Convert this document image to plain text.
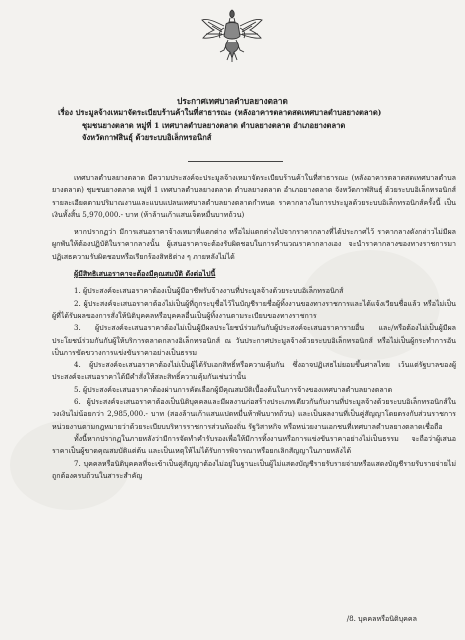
ประกาศเทศบาลตำบลยางตลาด
เรื่อง ประมูลจ้างเหมาจัดระเบียบร้านค้าในที่สาธารณะ (หลังอาคารตลาดสดเทศบาลตำบลยางตลาด)
ชุมชนยางตลาด หมู่ที่ 1 เทศบาลตำบลยางตลาด ตำบลยางตลาด อำเภอยางตลาด
จังหวัดกาฬสินธุ์ ด้วยระบบอิเล็กทรอนิกส์

เทศบาลตำบลยางตลาด มีความประสงค์จะประมูลจ้างเหมาจัดระเบียบร้านค้าในที่สาธารณะ (หลังอาคารตลาดสดเทศบาลตำบลยางตลาด) ชุมชนยางตลาด หมู่ที่ 1 เทศบาลตำบลยางตลาด ตำบลยางตลาด อำเภอยางตลาด จังหวัดกาฬสินธุ์ ด้วยระบบอิเล็กทรอนิกส์ รายละเอียดตามปริมาณงานและแบบแปลนเทศบาลตำบลยางตลาดกำหนด ราคากลางในการประมูลด้วยระบบอิเล็กทรอนิกส์ครั้งนี้ เป็นเงินทั้งสิ้น 5,970,000.- บาท (ห้าล้านเก้าแสนเจ็ดหมื่นบาทถ้วน)

หากปรากฏว่า มีการเสนอราคาจ้างเหมาที่แตกต่าง หรือไม่แตกต่างไปจากราคากลางที่ได้ประกาศไว้ ราคากลางดังกล่าวไม่มีผลผูกพันให้ต้องปฏิบัติในราคากลางนั้น ผู้เสนอราคาจะต้องรับผิดชอบในการคำนวณราคากลางเอง จะนำราคากลางของทางราชการมาปฏิเสธความรับผิดชอบหรือเรียกร้องสิทธิต่าง ๆ ภายหลังไม่ได้

ผู้มีสิทธิเสนอราคาจะต้องมีคุณสมบัติ ดังต่อไปนี้

1. ผู้ประสงค์จะเสนอราคาต้องเป็นผู้มีอาชีพรับจ้างงานที่ประมูลจ้างด้วยระบบอิเล็กทรอนิกส์

2. ผู้ประสงค์จะเสนอราคาต้องไม่เป็นผู้ที่ถูกระบุชื่อไว้ในบัญชีรายชื่อผู้ทิ้งงานของทางราชการและได้แจ้งเวียนชื่อแล้ว หรือไม่เป็นผู้ที่ได้รับผลของการสั่งให้นิติบุคคลหรือบุคคลอื่นเป็นผู้ทิ้งงานตามระเบียบของทางราชการ

3. ผู้ประสงค์จะเสนอราคาต้องไม่เป็นผู้มีผลประโยชน์ร่วมกันกับผู้ประสงค์จะเสนอราคารายอื่น และ/หรือต้องไม่เป็นผู้มีผลประโยชน์ร่วมกันกับผู้ให้บริการตลาดกลางอิเล็กทรอนิกส์ ณ วันประกาศประมูลจ้างด้วยระบบอิเล็กทรอนิกส์ หรือไม่เป็นผู้กระทำการอันเป็นการขัดขวางการแข่งขันราคาอย่างเป็นธรรม

4. ผู้ประสงค์จะเสนอราคาต้องไม่เป็นผู้ได้รับเอกสิทธิ์หรือความคุ้มกัน ซึ่งอาจปฏิเสธไม่ยอมขึ้นศาลไทย เว้นแต่รัฐบาลของผู้ประสงค์จะเสนอราคาได้มีคำสั่งให้สละสิทธิ์ความคุ้มกันเช่นว่านั้น

5. ผู้ประสงค์จะเสนอราคาต้องผ่านการคัดเลือกผู้มีคุณสมบัติเบื้องต้นในการจ้างของเทศบาลตำบลยางตลาด

6. ผู้ประสงค์จะเสนอราคาต้องเป็นนิติบุคคลและมีผลงานก่อสร้างประเภทเดียวกันกับงานที่ประมูลจ้างด้วยระบบอิเล็กทรอนิกส์ในวงเงินไม่น้อยกว่า 2,985,000.- บาท (สองล้านเก้าแสนแปดหมื่นห้าพันบาทถ้วน) และเป็นผลงานที่เป็นคู่สัญญาโดยตรงกับส่วนราชการ หน่วยงานตามกฎหมายว่าด้วยระเบียบบริหารราชการส่วนท้องถิ่น รัฐวิสาหกิจ หรือหน่วยงานเอกชนที่เทศบาลตำบลยางตลาดเชื่อถือ

ทั้งนี้หากปรากฏในภายหลังว่ามีการจัดทำคำรับรองเพื่อให้มีการทิ้งงานหรือการแข่งขันราคาอย่างไม่เป็นธรรม จะถือว่าผู้เสนอราคาเป็นผู้ขาดคุณสมบัติแต่ต้น และเป็นเหตุให้ไม่ได้รับการพิจารณาหรือยกเลิกสัญญาในภายหลังได้

7. บุคคลหรือนิติบุคคลที่จะเข้าเป็นคู่สัญญาต้องไม่อยู่ในฐานะเป็นผู้ไม่แสดงบัญชีรายรับรายจ่ายหรือแสดงบัญชีรายรับรายจ่ายไม่ถูกต้องครบถ้วนในสาระสำคัญ

/8. บุคคลหรือนิติบุคคล
